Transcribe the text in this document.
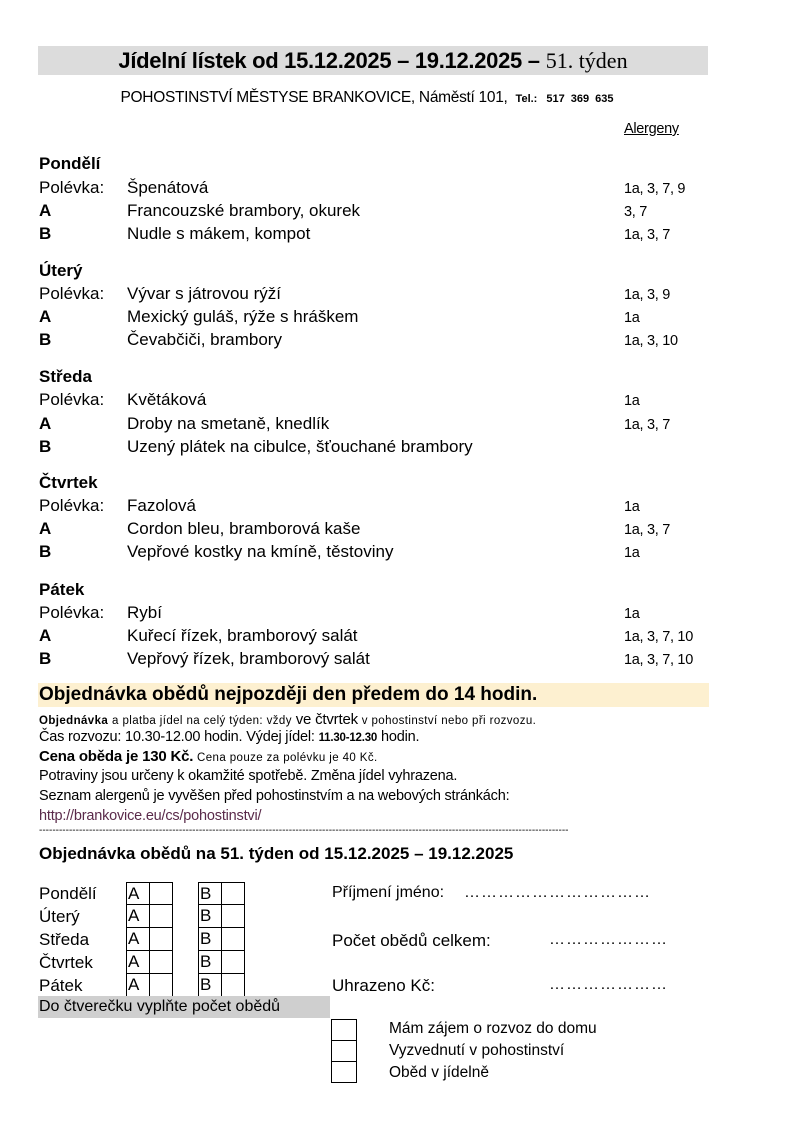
Jídelní lístek od 15.12.2025 – 19.12.2025 – 51. týden
POHOSTINSTVÍ MĚSTYSE BRANKOVICE, Náměstí 101, Tel.: 517 369 635
Alergeny
Pondělí
Polévka: Špenátová	1a, 3, 7, 9
A	Francouzské brambory, okurek	3, 7
B	Nudle s mákem, kompot	1a, 3, 7
Úterý
Polévka: Vývar s játrovou rýží	1a, 3, 9
A	Mexický guláš, rýže s hráškem	1a
B	Čevabčiči, brambory	1a, 3, 10
Středa
Polévka: Květáková	1a
A	Droby na smetaně, knedlík	1a, 3, 7
B	Uzený plátek na cibulce, šťouchané brambory
Čtvrtek
Polévka: Fazolová	1a
A	Cordon bleu, bramborová kaše	1a, 3, 7
B	Vepřové kostky na kmíně, těstoviny	1a
Pátek
Polévka: Rybí	1a
A	Kuřecí řízek, bramborový salát	1a, 3, 7, 10
B	Vepřový řízek, bramborový salát	1a, 3, 7, 10
Objednávka obědů nejpozději den předem do 14 hodin.
Objednávka a platba jídel na celý týden: vždy ve čtvrtek v pohostinství nebo při rozvozu.
Čas rozvozu: 10.30-12.00 hodin. Výdej jídel: 11.30-12.30 hodin.
Cena oběda je 130 Kč. Cena pouze za polévku je 40 Kč.
Potraviny jsou určeny k okamžité spotřebě. Změna jídel vyhrazena.
Seznam alergenů je vyvěšen před pohostinstvím a na webových stránkách:
http://brankovice.eu/cs/pohostinstvi/
---------------------------------------------------------------------------------------------------------------------------------------------------------------
Objednávka obědů na 51. týden od 15.12.2025 – 19.12.2025
Pondělí A	B
Úterý	A	B
Středa A	B
Čtvrtek A	B
Pátek	A	B
Do čtverečku vyplňte počet obědů
Příjmení jméno: ……………………………
Počet obědů celkem:	…………………
Uhrazeno Kč:	…………………
Mám zájem o rozvoz do domu
Vyzvednutí v pohostinství
Oběd v jídelně
